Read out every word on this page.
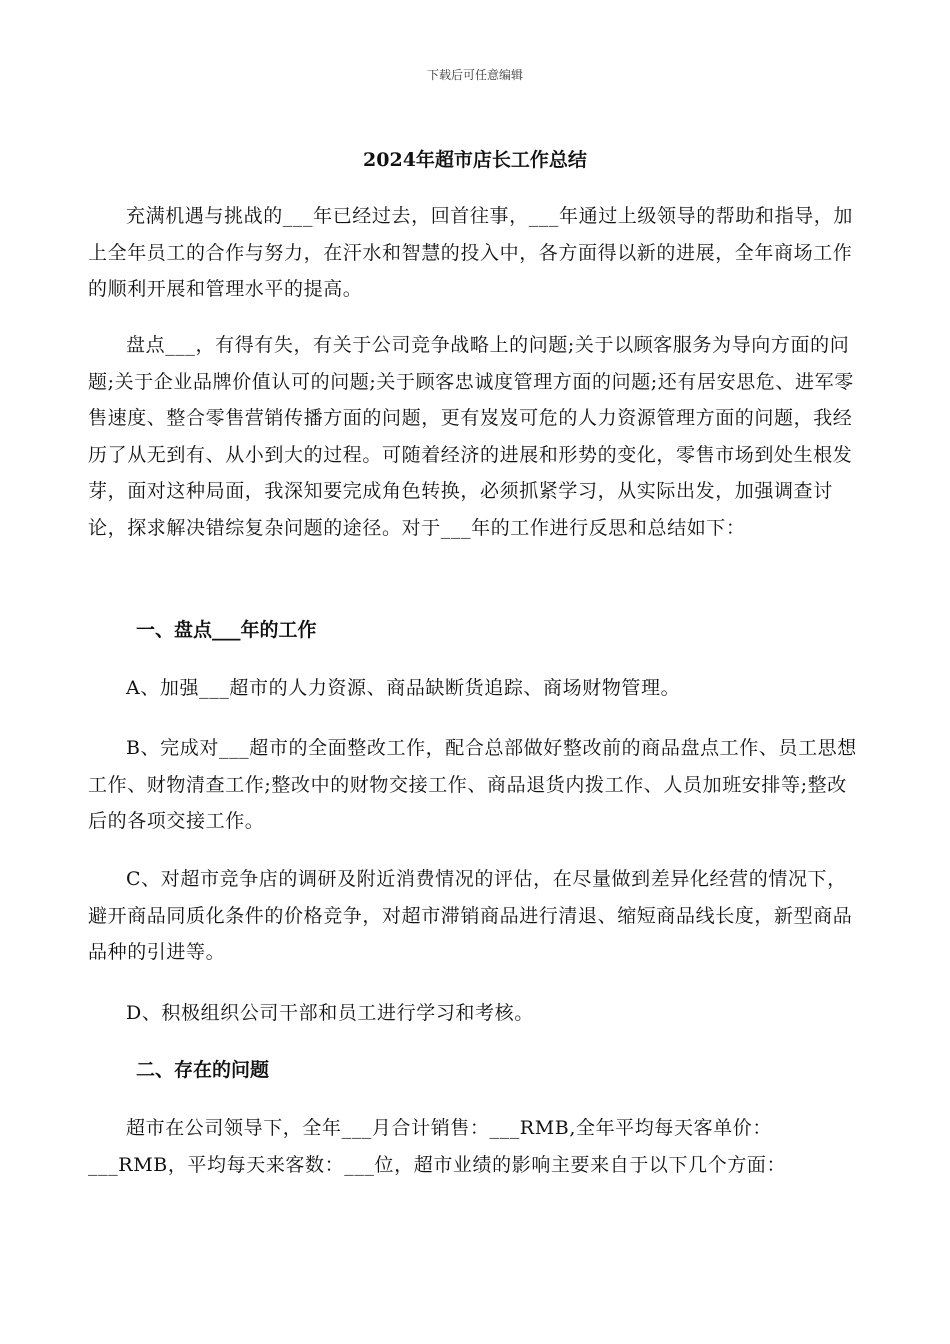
下载后可任意编辑
2024年超市店长工作总结

充满机遇与挑战的___年已经过去，回首往事，___年通过上级领导的帮助和指导，加上全年员工的合作与努力，在汗水和智慧的投入中，各方面得以新的进展，全年商场工作的顺利开展和管理水平的提高。

盘点___，有得有失，有关于公司竞争战略上的问题;关于以顾客服务为导向方面的问题;关于企业品牌价值认可的问题;关于顾客忠诚度管理方面的问题;还有居安思危、进军零售速度、整合零售营销传播方面的问题，更有岌岌可危的人力资源管理方面的问题，我经历了从无到有、从小到大的过程。可随着经济的进展和形势的变化，零售市场到处生根发芽，面对这种局面，我深知要完成角色转换，必须抓紧学习，从实际出发，加强调查讨论，探求解决错综复杂问题的途径。对于___年的工作进行反思和总结如下：

一、盘点___年的工作

A、加强___超市的人力资源、商品缺断货追踪、商场财物管理。

B、完成对___超市的全面整改工作，配合总部做好整改前的商品盘点工作、员工思想工作、财物清查工作;整改中的财物交接工作、商品退货内拨工作、人员加班安排等;整改后的各项交接工作。

C、对超市竞争店的调研及附近消费情况的评估，在尽量做到差异化经营的情况下，避开商品同质化条件的价格竞争，对超市滞销商品进行清退、缩短商品线长度，新型商品品种的引进等。

D、积极组织公司干部和员工进行学习和考核。

二、存在的问题

超市在公司领导下，全年___月合计销售：___RMB,全年平均每天客单价：___RMB，平均每天来客数：___位，超市业绩的影响主要来自于以下几个方面：
